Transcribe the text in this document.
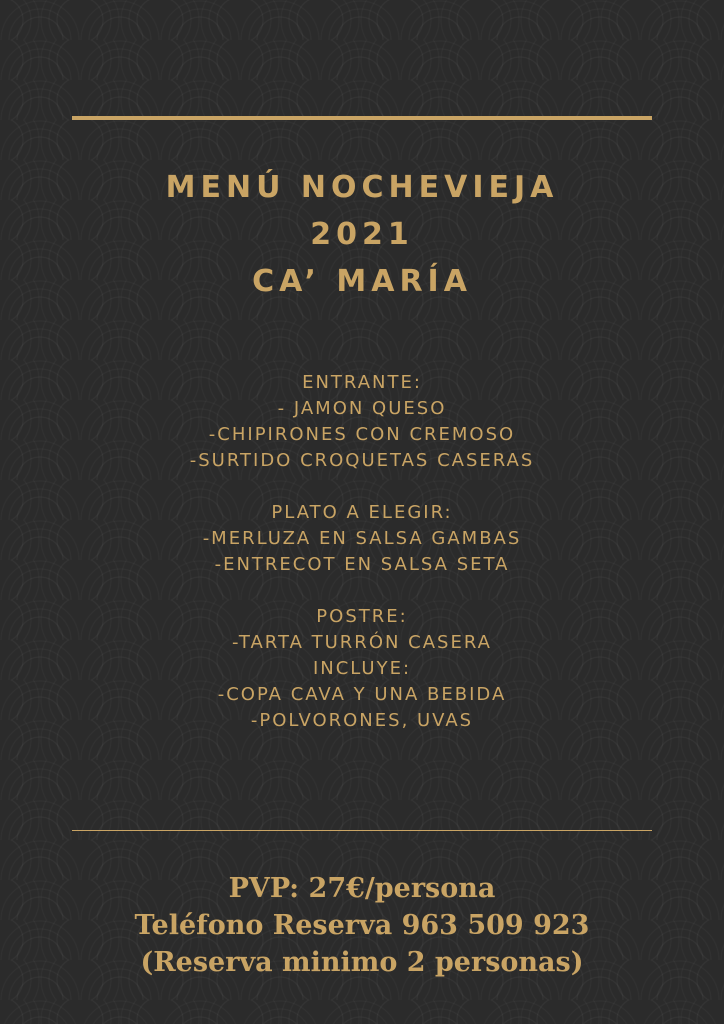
MENÚ NOCHEVIEJA
2021
CA’ MARÍA
ENTRANTE:
- JAMON QUESO
-CHIPIRONES CON CREMOSO
-SURTIDO CROQUETAS CASERAS
PLATO A ELEGIR:
-MERLUZA EN SALSA GAMBAS
-ENTRECOT EN SALSA SETA
POSTRE:
-TARTA TURRÓN CASERA
INCLUYE:
-COPA CAVA Y UNA BEBIDA
-POLVORONES, UVAS
PVP: 27€/persona
Teléfono Reserva 963 509 923
(Reserva minimo 2 personas)
